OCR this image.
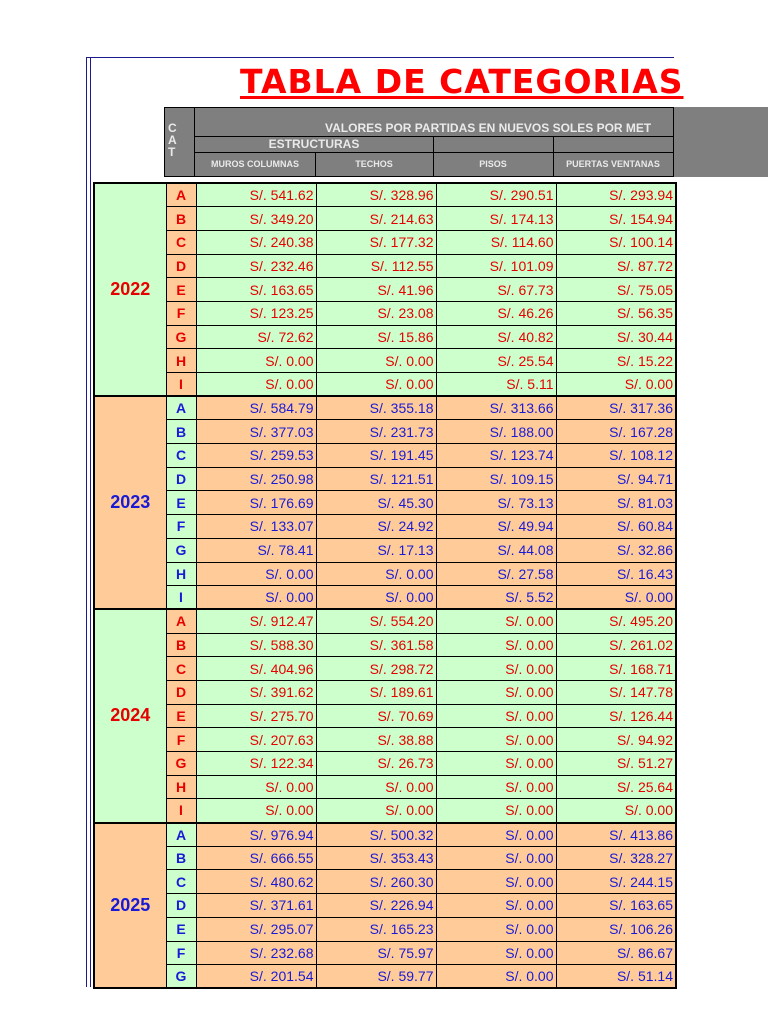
TABLA DE CATEGORIAS
C
A
T
VALORES POR PARTIDAS EN NUEVOS SOLES POR MET
ESTRUCTURAS
MUROS COLUMNAS	TECHOS	PISOS	PUERTAS VENTANAS
2022	A	S/. 541.62	S/. 328.96	S/. 290.51	S/. 293.94
	B	S/. 349.20	S/. 214.63	S/. 174.13	S/. 154.94
	C	S/. 240.38	S/. 177.32	S/. 114.60	S/. 100.14
	D	S/. 232.46	S/. 112.55	S/. 101.09	S/. 87.72
	E	S/. 163.65	S/. 41.96	S/. 67.73	S/. 75.05
	F	S/. 123.25	S/. 23.08	S/. 46.26	S/. 56.35
	G	S/. 72.62	S/. 15.86	S/. 40.82	S/. 30.44
	H	S/. 0.00	S/. 0.00	S/. 25.54	S/. 15.22
	I	S/. 0.00	S/. 0.00	S/. 5.11	S/. 0.00
2023	A	S/. 584.79	S/. 355.18	S/. 313.66	S/. 317.36
	B	S/. 377.03	S/. 231.73	S/. 188.00	S/. 167.28
	C	S/. 259.53	S/. 191.45	S/. 123.74	S/. 108.12
	D	S/. 250.98	S/. 121.51	S/. 109.15	S/. 94.71
	E	S/. 176.69	S/. 45.30	S/. 73.13	S/. 81.03
	F	S/. 133.07	S/. 24.92	S/. 49.94	S/. 60.84
	G	S/. 78.41	S/. 17.13	S/. 44.08	S/. 32.86
	H	S/. 0.00	S/. 0.00	S/. 27.58	S/. 16.43
	I	S/. 0.00	S/. 0.00	S/. 5.52	S/. 0.00
2024	A	S/. 912.47	S/. 554.20	S/. 0.00	S/. 495.20
	B	S/. 588.30	S/. 361.58	S/. 0.00	S/. 261.02
	C	S/. 404.96	S/. 298.72	S/. 0.00	S/. 168.71
	D	S/. 391.62	S/. 189.61	S/. 0.00	S/. 147.78
	E	S/. 275.70	S/. 70.69	S/. 0.00	S/. 126.44
	F	S/. 207.63	S/. 38.88	S/. 0.00	S/. 94.92
	G	S/. 122.34	S/. 26.73	S/. 0.00	S/. 51.27
	H	S/. 0.00	S/. 0.00	S/. 0.00	S/. 25.64
	I	S/. 0.00	S/. 0.00	S/. 0.00	S/. 0.00
2025	A	S/. 976.94	S/. 500.32	S/. 0.00	S/. 413.86
	B	S/. 666.55	S/. 353.43	S/. 0.00	S/. 328.27
	C	S/. 480.62	S/. 260.30	S/. 0.00	S/. 244.15
	D	S/. 371.61	S/. 226.94	S/. 0.00	S/. 163.65
	E	S/. 295.07	S/. 165.23	S/. 0.00	S/. 106.26
	F	S/. 232.68	S/. 75.97	S/. 0.00	S/. 86.67
	G	S/. 201.54	S/. 59.77	S/. 0.00	S/. 51.14
